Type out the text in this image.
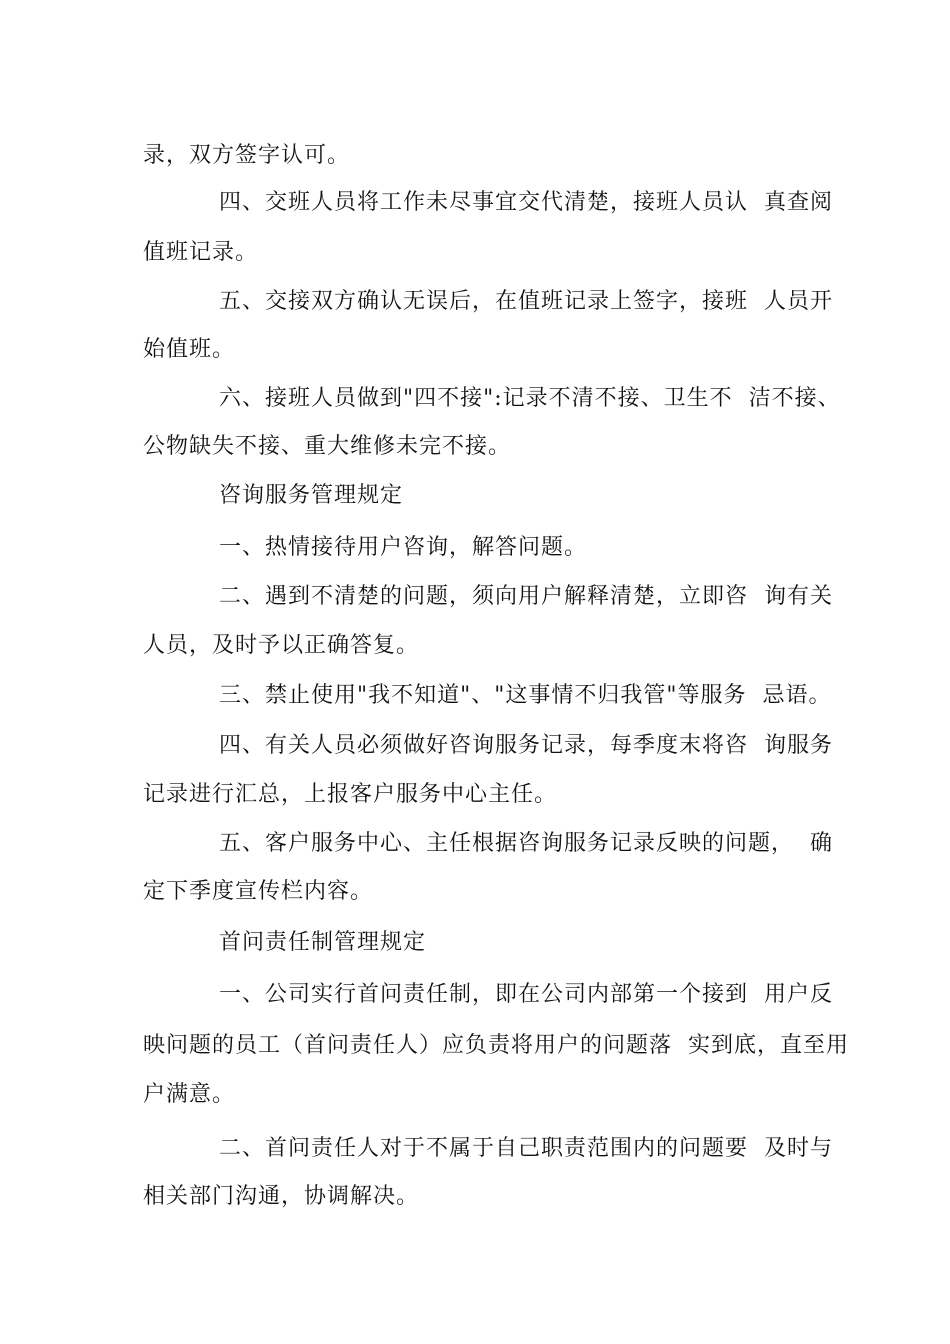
录，双方签字认可。

四、交班人员将工作未尽事宜交代清楚，接班人员认  真查阅

值班记录。

五、交接双方确认无误后，在值班记录上签字，接班  人员开

始值班。

六、接班人员做到"四不接":记录不清不接、卫生不  洁不接、

公物缺失不接、重大维修未完不接。

咨询服务管理规定

一、热情接待用户咨询，解答问题。

二、遇到不清楚的问题，须向用户解释清楚，立即咨  询有关

人员，及时予以正确答复。

三、禁止使用"我不知道"、"这事情不归我管"等服务  忌语。

四、有关人员必须做好咨询服务记录，每季度末将咨  询服务

记录进行汇总，上报客户服务中心主任。

五、客户服务中心、主任根据咨询服务记录反映的问题，  确

定下季度宣传栏内容。

首问责任制管理规定

一、公司实行首问责任制，即在公司内部第一个接到  用户反

映问题的员工（首问责任人）应负责将用户的问题落  实到底，直至用

户满意。

二、首问责任人对于不属于自己职责范围内的问题要  及时与

相关部门沟通，协调解决。
